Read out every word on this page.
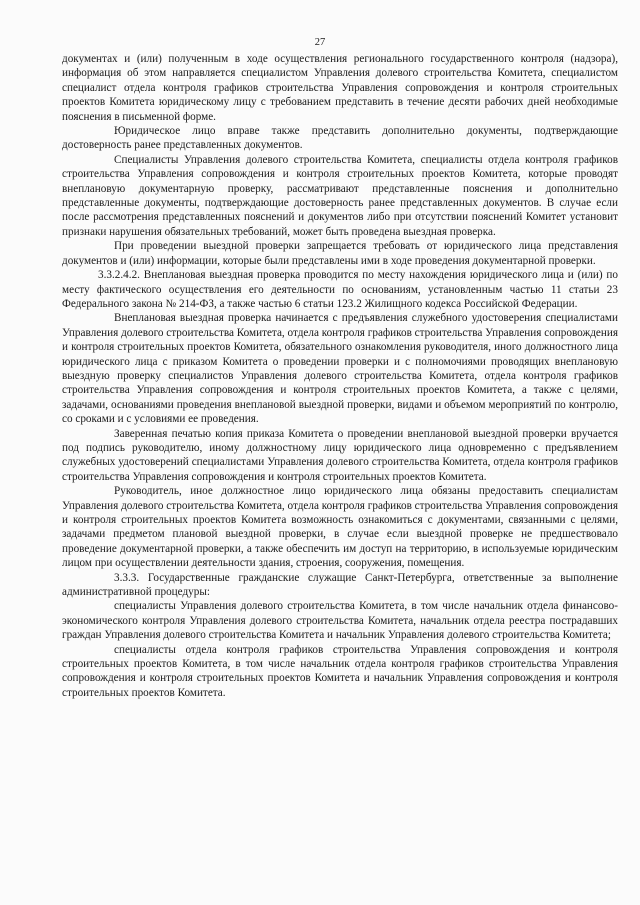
27

документах и (или) полученным в ходе осуществления регионального государственного контроля (надзора), информация об этом направляется специалистом Управления долевого строительства Комитета, специалистом специалист отдела контроля графиков строительства Управления сопровождения и контроля строительных проектов Комитета юридическому лицу с требованием представить в течение десяти рабочих дней необходимые пояснения в письменной форме.

Юридическое лицо вправе также представить дополнительно документы, подтверждающие достоверность ранее представленных документов.

Специалисты Управления долевого строительства Комитета, специалисты отдела контроля графиков строительства Управления сопровождения и контроля строительных проектов Комитета, которые проводят внеплановую документарную проверку, рассматривают представленные пояснения и дополнительно представленные документы, подтверждающие достоверность ранее представленных документов. В случае если после рассмотрения представленных пояснений и документов либо при отсутствии пояснений Комитет установит признаки нарушения обязательных требований, может быть проведена выездная проверка.

При проведении выездной проверки запрещается требовать от юридического лица представления документов и (или) информации, которые были представлены ими в ходе проведения документарной проверки.

3.3.2.4.2. Внеплановая выездная проверка проводится по месту нахождения юридического лица и (или) по месту фактического осуществления его деятельности по основаниям, установленным частью 11 статьи 23 Федерального закона № 214-ФЗ, а также частью 6 статьи 123.2 Жилищного кодекса Российской Федерации.

Внеплановая выездная проверка начинается с предъявления служебного удостоверения специалистами Управления долевого строительства Комитета, отдела контроля графиков строительства Управления сопровождения и контроля строительных проектов Комитета, обязательного ознакомления руководителя, иного должностного лица юридического лица с приказом Комитета о проведении проверки и с полномочиями проводящих внеплановую выездную проверку специалистов Управления долевого строительства Комитета, отдела контроля графиков строительства Управления сопровождения и контроля строительных проектов Комитета, а также с целями, задачами, основаниями проведения внеплановой выездной проверки, видами и объемом мероприятий по контролю, со сроками и с условиями ее проведения.

Заверенная печатью копия приказа Комитета о проведении внеплановой выездной проверки вручается под подпись руководителю, иному должностному лицу юридического лица одновременно с предъявлением служебных удостоверений специалистами Управления долевого строительства Комитета, отдела контроля графиков строительства Управления сопровождения и контроля строительных проектов Комитета.

Руководитель, иное должностное лицо юридического лица обязаны предоставить специалистам Управления долевого строительства Комитета, отдела контроля графиков строительства Управления сопровождения и контроля строительных проектов Комитета возможность ознакомиться с документами, связанными с целями, задачами предметом плановой выездной проверки, в случае если выездной проверке не предшествовало проведение документарной проверки, а также обеспечить им доступ на территорию, в используемые юридическим лицом при осуществлении деятельности здания, строения, сооружения, помещения.

3.3.3. Государственные гражданские служащие Санкт-Петербурга, ответственные за выполнение административной процедуры:

специалисты Управления долевого строительства Комитета, в том числе начальник отдела финансово-экономического контроля Управления долевого строительства Комитета, начальник отдела реестра пострадавших граждан Управления долевого строительства Комитета и начальник Управления долевого строительства Комитета;

специалисты отдела контроля графиков строительства Управления сопровождения и контроля строительных проектов Комитета, в том числе начальник отдела контроля графиков строительства Управления сопровождения и контроля строительных проектов Комитета и начальник Управления сопровождения и контроля строительных проектов Комитета.
